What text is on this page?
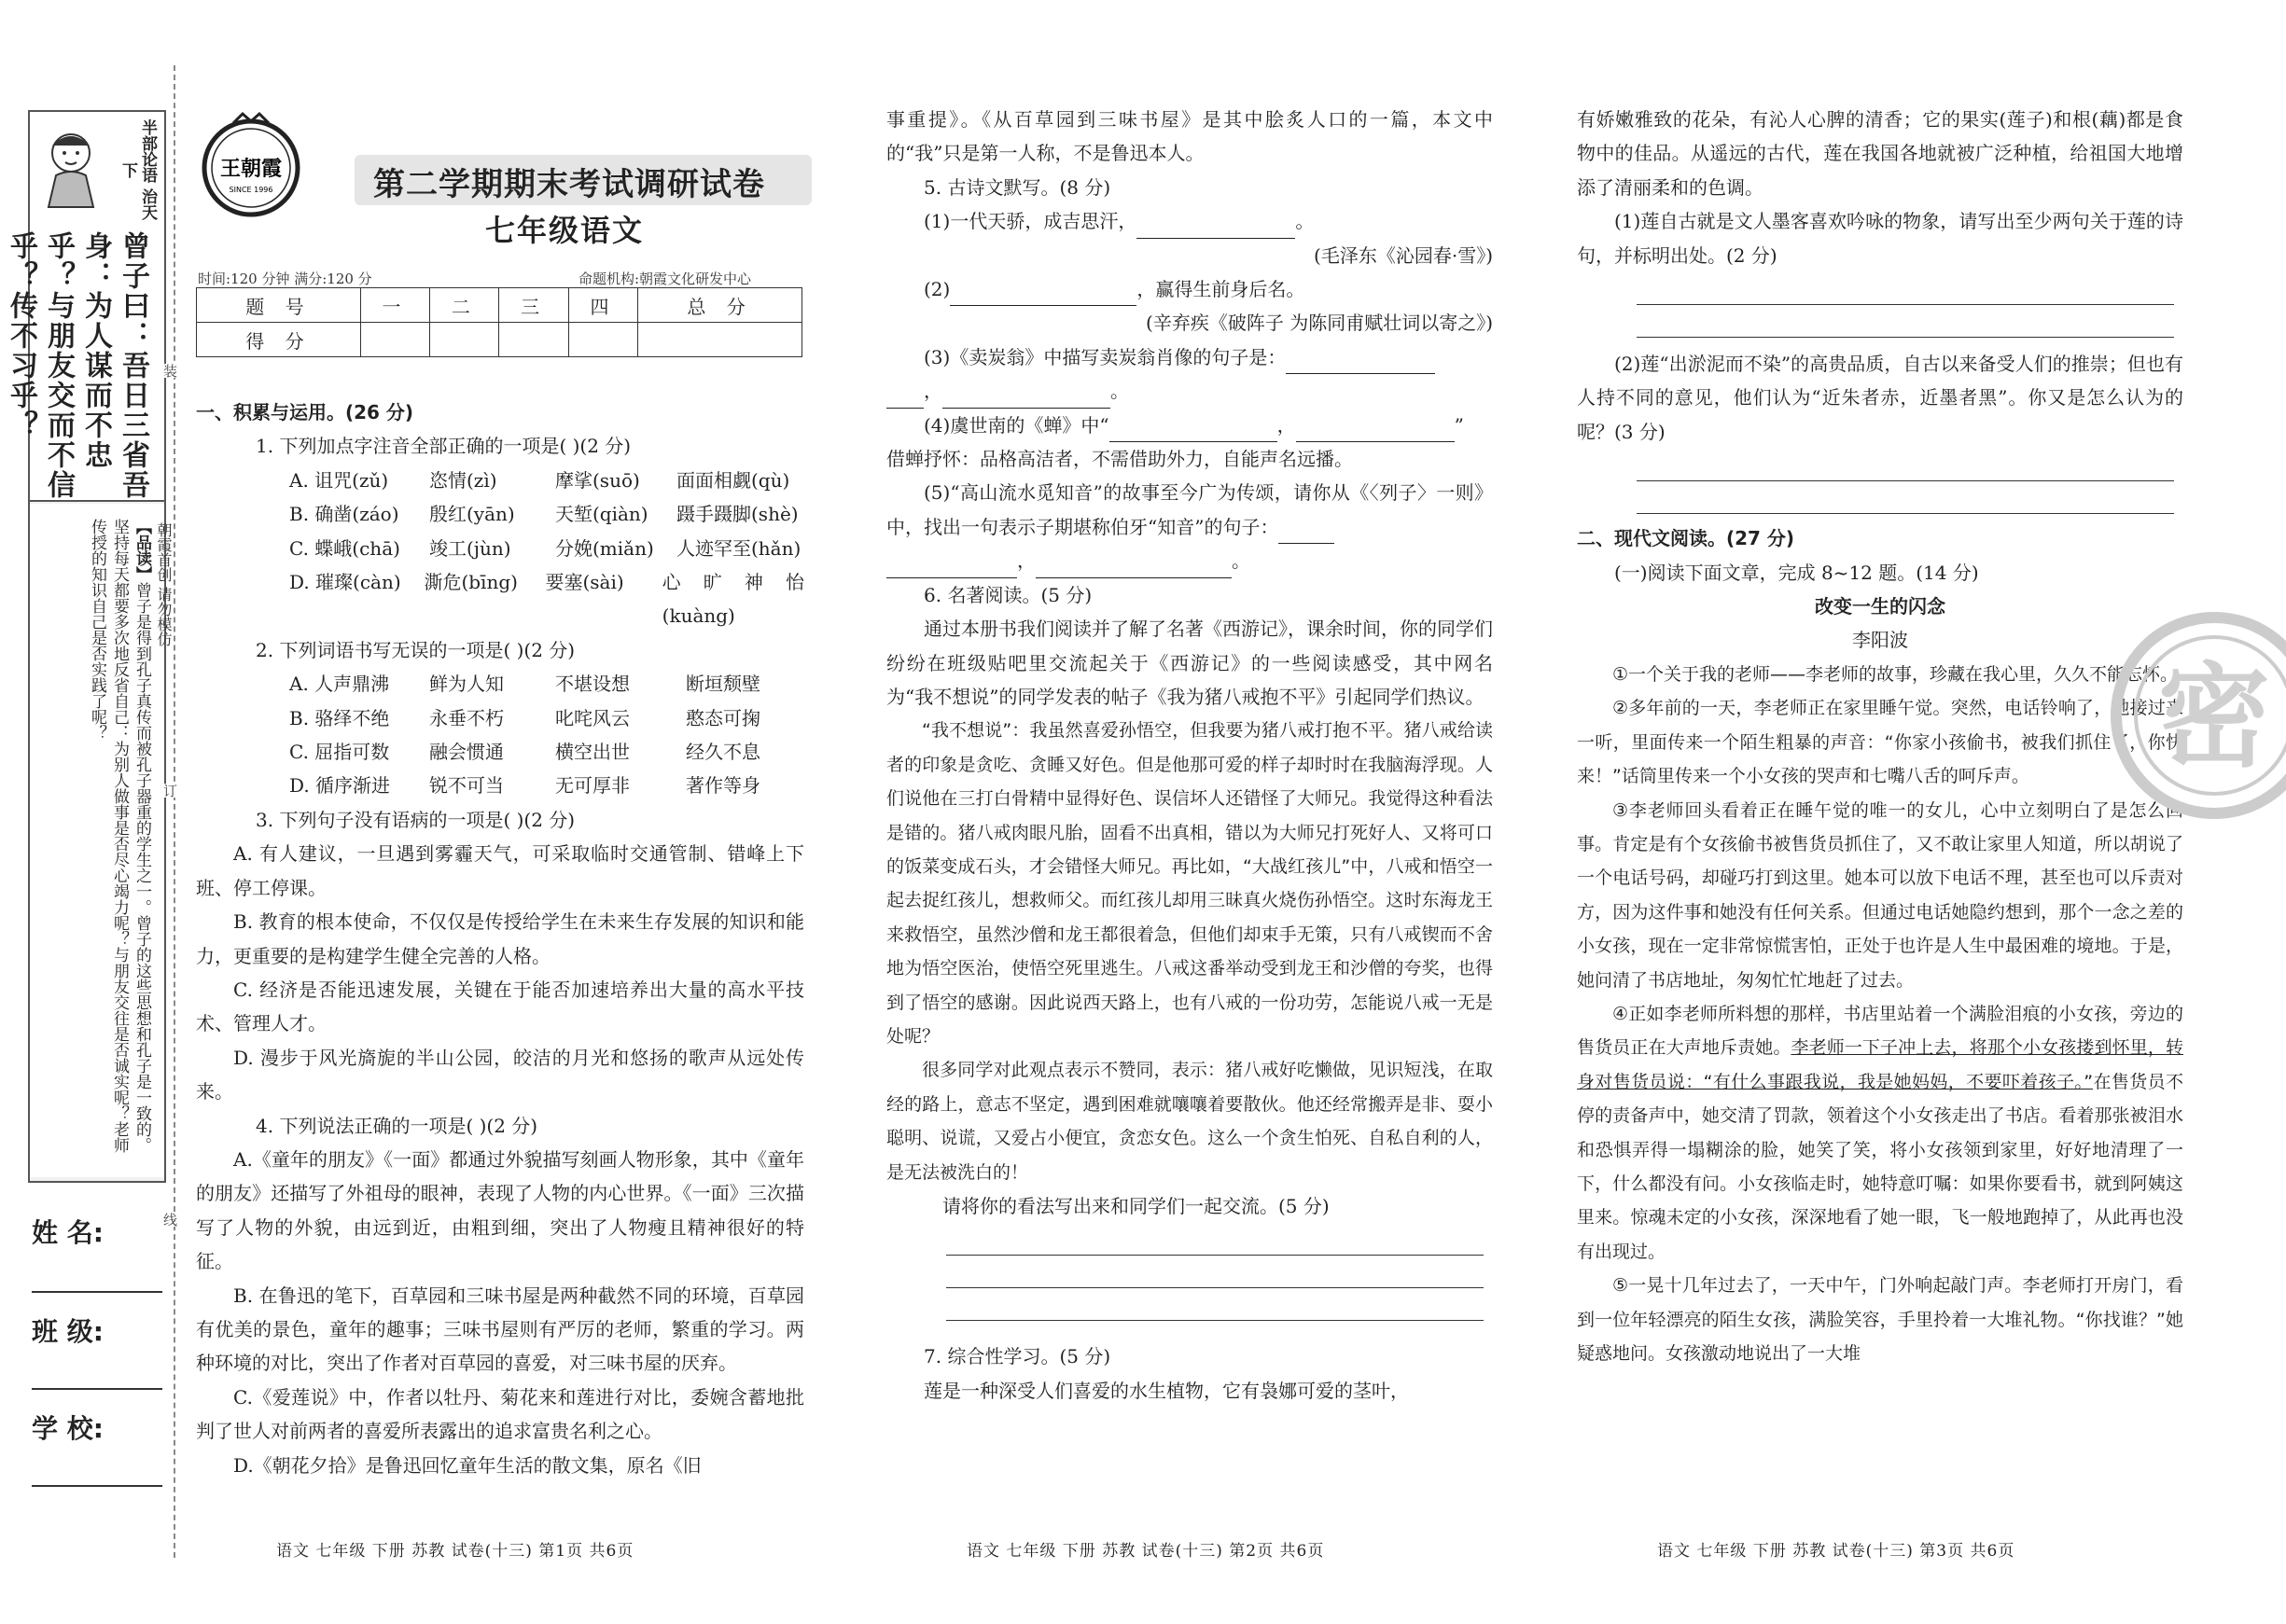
半部论语 治天下
曾子曰：吾日三省吾身：为人谋而不忠乎？与朋友交而不信乎？传不习乎？
【品读】曾子是得到孔子真传而被孔子器重的学生之一。曾子的这些思想和孔子是一致的。坚持每天都要多次地反省自己：为别人做事是否尽心竭力呢？与朋友交往是否诚实呢？老师传授的知识自己是否实践了呢？
装
订
线
朝霞首创 请勿模仿
姓 名:
班 级:
学 校:
王朝霞
SINCE 1996	第二学期期末考试调研试卷
七年级语文
时间:120 分钟 满分:120 分	命题机构:朝霞文化研发中心
题 号	一	二	三	四	总 分
得 分					
一、积累与运用。(26 分)
1. 下列加点字注音全部正确的一项是( )(2 分)
A. 诅咒(zǔ)	恣情(zì)	摩挲(suō)	面面相觑(qù)
B. 确凿(záo)	殷红(yān)	天堑(qiàn)	蹑手蹑脚(shè)
C. 蝶峨(chā)	竣工(jùn)	分娩(miǎn)	人迹罕至(hǎn)
D. 璀璨(càn)	澌危(bīng)	要塞(sài)	心旷神怡(kuàng)
2. 下列词语书写无误的一项是( )(2 分)
A. 人声鼎沸	鲜为人知	不堪设想	断垣颓壁
B. 骆绎不绝	永垂不朽	叱咤风云	憨态可掬
C. 屈指可数	融会惯通	横空出世	经久不息
D. 循序渐进	锐不可当	无可厚非	著作等身
3. 下列句子没有语病的一项是( )(2 分)
A. 有人建议，一旦遇到雾霾天气，可采取临时交通管制、错峰上下班、停工停课。
B. 教育的根本使命，不仅仅是传授给学生在未来生存发展的知识和能力，更重要的是构建学生健全完善的人格。
C. 经济是否能迅速发展，关键在于能否加速培养出大量的高水平技术、管理人才。
D. 漫步于风光旖旎的半山公园，皎洁的月光和悠扬的歌声从远处传来。
4. 下列说法正确的一项是( )(2 分)
A.《童年的朋友》《一面》都通过外貌描写刻画人物形象，其中《童年的朋友》还描写了外祖母的眼神，表现了人物的内心世界。《一面》三次描写了人物的外貌，由远到近，由粗到细，突出了人物瘦且精神很好的特征。
B. 在鲁迅的笔下，百草园和三味书屋是两种截然不同的环境，百草园有优美的景色，童年的趣事；三味书屋则有严厉的老师，繁重的学习。两种环境的对比，突出了作者对百草园的喜爱，对三味书屋的厌弃。
C.《爱莲说》中，作者以牡丹、菊花来和莲进行对比，委婉含蓄地批判了世人对前两者的喜爱所表露出的追求富贵名利之心。
D.《朝花夕拾》是鲁迅回忆童年生活的散文集，原名《旧
语文 七年级 下册 苏教 试卷(十三) 第1页 共6页
事重提》。《从百草园到三味书屋》是其中脍炙人口的一篇，本文中的“我”只是第一人称，不是鲁迅本人。
5. 古诗文默写。(8 分)
(1)一代天骄，成吉思汗，	。
(毛泽东《沁园春·雪》)
(2)	，赢得生前身后名。
(辛弃疾《破阵子 为陈同甫赋壮词以寄之》)
(3)《卖炭翁》中描写卖炭翁肖像的句子是：
，	。
(4)虞世南的《蝉》中“	，	”
借蝉抒怀：品格高洁者，不需借助外力，自能声名远播。
(5)“高山流水觅知音”的故事至今广为传颂，请你从《〈列子〉一则》中，找出一句表示子期堪称伯牙“知音”的句子：
，	。
6. 名著阅读。(5 分)
通过本册书我们阅读并了解了名著《西游记》，课余时间，你的同学们纷纷在班级贴吧里交流起关于《西游记》的一些阅读感受，其中网名为“我不想说”的同学发表的帖子《我为猪八戒抱不平》引起同学们热议。
“我不想说”：我虽然喜爱孙悟空，但我要为猪八戒打抱不平。猪八戒给读者的印象是贪吃、贪睡又好色。但是他那可爱的样子却时时在我脑海浮现。人们说他在三打白骨精中显得好色、误信坏人还错怪了大师兄。我觉得这种看法是错的。猪八戒肉眼凡胎，固看不出真相，错以为大师兄打死好人、又将可口的饭菜变成石头，才会错怪大师兄。再比如，“大战红孩儿”中，八戒和悟空一起去捉红孩儿，想救师父。而红孩儿却用三昧真火烧伤孙悟空。这时东海龙王来救悟空，虽然沙僧和龙王都很着急，但他们却束手无策，只有八戒锲而不舍地为悟空医治，使悟空死里逃生。八戒这番举动受到龙王和沙僧的夸奖，也得到了悟空的感谢。因此说西天路上，也有八戒的一份功劳，怎能说八戒一无是处呢？
很多同学对此观点表示不赞同，表示：猪八戒好吃懒做，见识短浅，在取经的路上，意志不坚定，遇到困难就嚷嚷着要散伙。他还经常搬弄是非、耍小聪明、说谎，又爱占小便宜，贪恋女色。这么一个贪生怕死、自私自利的人，是无法被洗白的！
请将你的看法写出来和同学们一起交流。(5 分)
7. 综合性学习。(5 分)
莲是一种深受人们喜爱的水生植物，它有袅娜可爱的茎叶，
语文 七年级 下册 苏教 试卷(十三) 第2页 共6页
有娇嫩雅致的花朵，有沁人心脾的清香；它的果实(莲子)和根(藕)都是食物中的佳品。从遥远的古代，莲在我国各地就被广泛种植，给祖国大地增添了清丽柔和的色调。
(1)莲自古就是文人墨客喜欢吟咏的物象，请写出至少两句关于莲的诗句，并标明出处。(2 分)
(2)莲“出淤泥而不染”的高贵品质，自古以来备受人们的推崇；但也有人持不同的意见，他们认为“近朱者赤，近墨者黑”。你又是怎么认为的呢？(3 分)
二、现代文阅读。(27 分)
(一)阅读下面文章，完成 8~12 题。(14 分)
改变一生的闪念
李阳波
①一个关于我的老师——李老师的故事，珍藏在我心里，久久不能忘怀。
②多年前的一天，李老师正在家里睡午觉。突然，电话铃响了，她接过来一听，里面传来一个陌生粗暴的声音：“你家小孩偷书，被我们抓住了，你快来！”话筒里传来一个小女孩的哭声和七嘴八舌的呵斥声。
③李老师回头看着正在睡午觉的唯一的女儿，心中立刻明白了是怎么回事。肯定是有个女孩偷书被售货员抓住了，又不敢让家里人知道，所以胡说了一个电话号码，却碰巧打到这里。她本可以放下电话不理，甚至也可以斥责对方，因为这件事和她没有任何关系。但通过电话她隐约想到，那个一念之差的小女孩，现在一定非常惊慌害怕，正处于也许是人生中最困难的境地。于是，她问清了书店地址，匆匆忙忙地赶了过去。
④正如李老师所料想的那样，书店里站着一个满脸泪痕的小女孩，旁边的售货员正在大声地斥责她。李老师一下子冲上去，将那个小女孩搂到怀里，转身对售货员说：“有什么事跟我说，我是她妈妈，不要吓着孩子。”在售货员不停的责备声中，她交清了罚款，领着这个小女孩走出了书店。看着那张被泪水和恐惧弄得一塌糊涂的脸，她笑了笑，将小女孩领到家里，好好地清理了一下，什么都没有问。小女孩临走时，她特意叮嘱：如果你要看书，就到阿姨这里来。惊魂未定的小女孩，深深地看了她一眼，飞一般地跑掉了，从此再也没有出现过。
⑤一晃十几年过去了，一天中午，门外响起敲门声。李老师打开房门，看到一位年轻漂亮的陌生女孩，满脸笑容，手里拎着一大堆礼物。“你找谁？”她疑惑地问。女孩激动地说出了一大堆
语文 七年级 下册 苏教 试卷(十三) 第3页 共6页
密
